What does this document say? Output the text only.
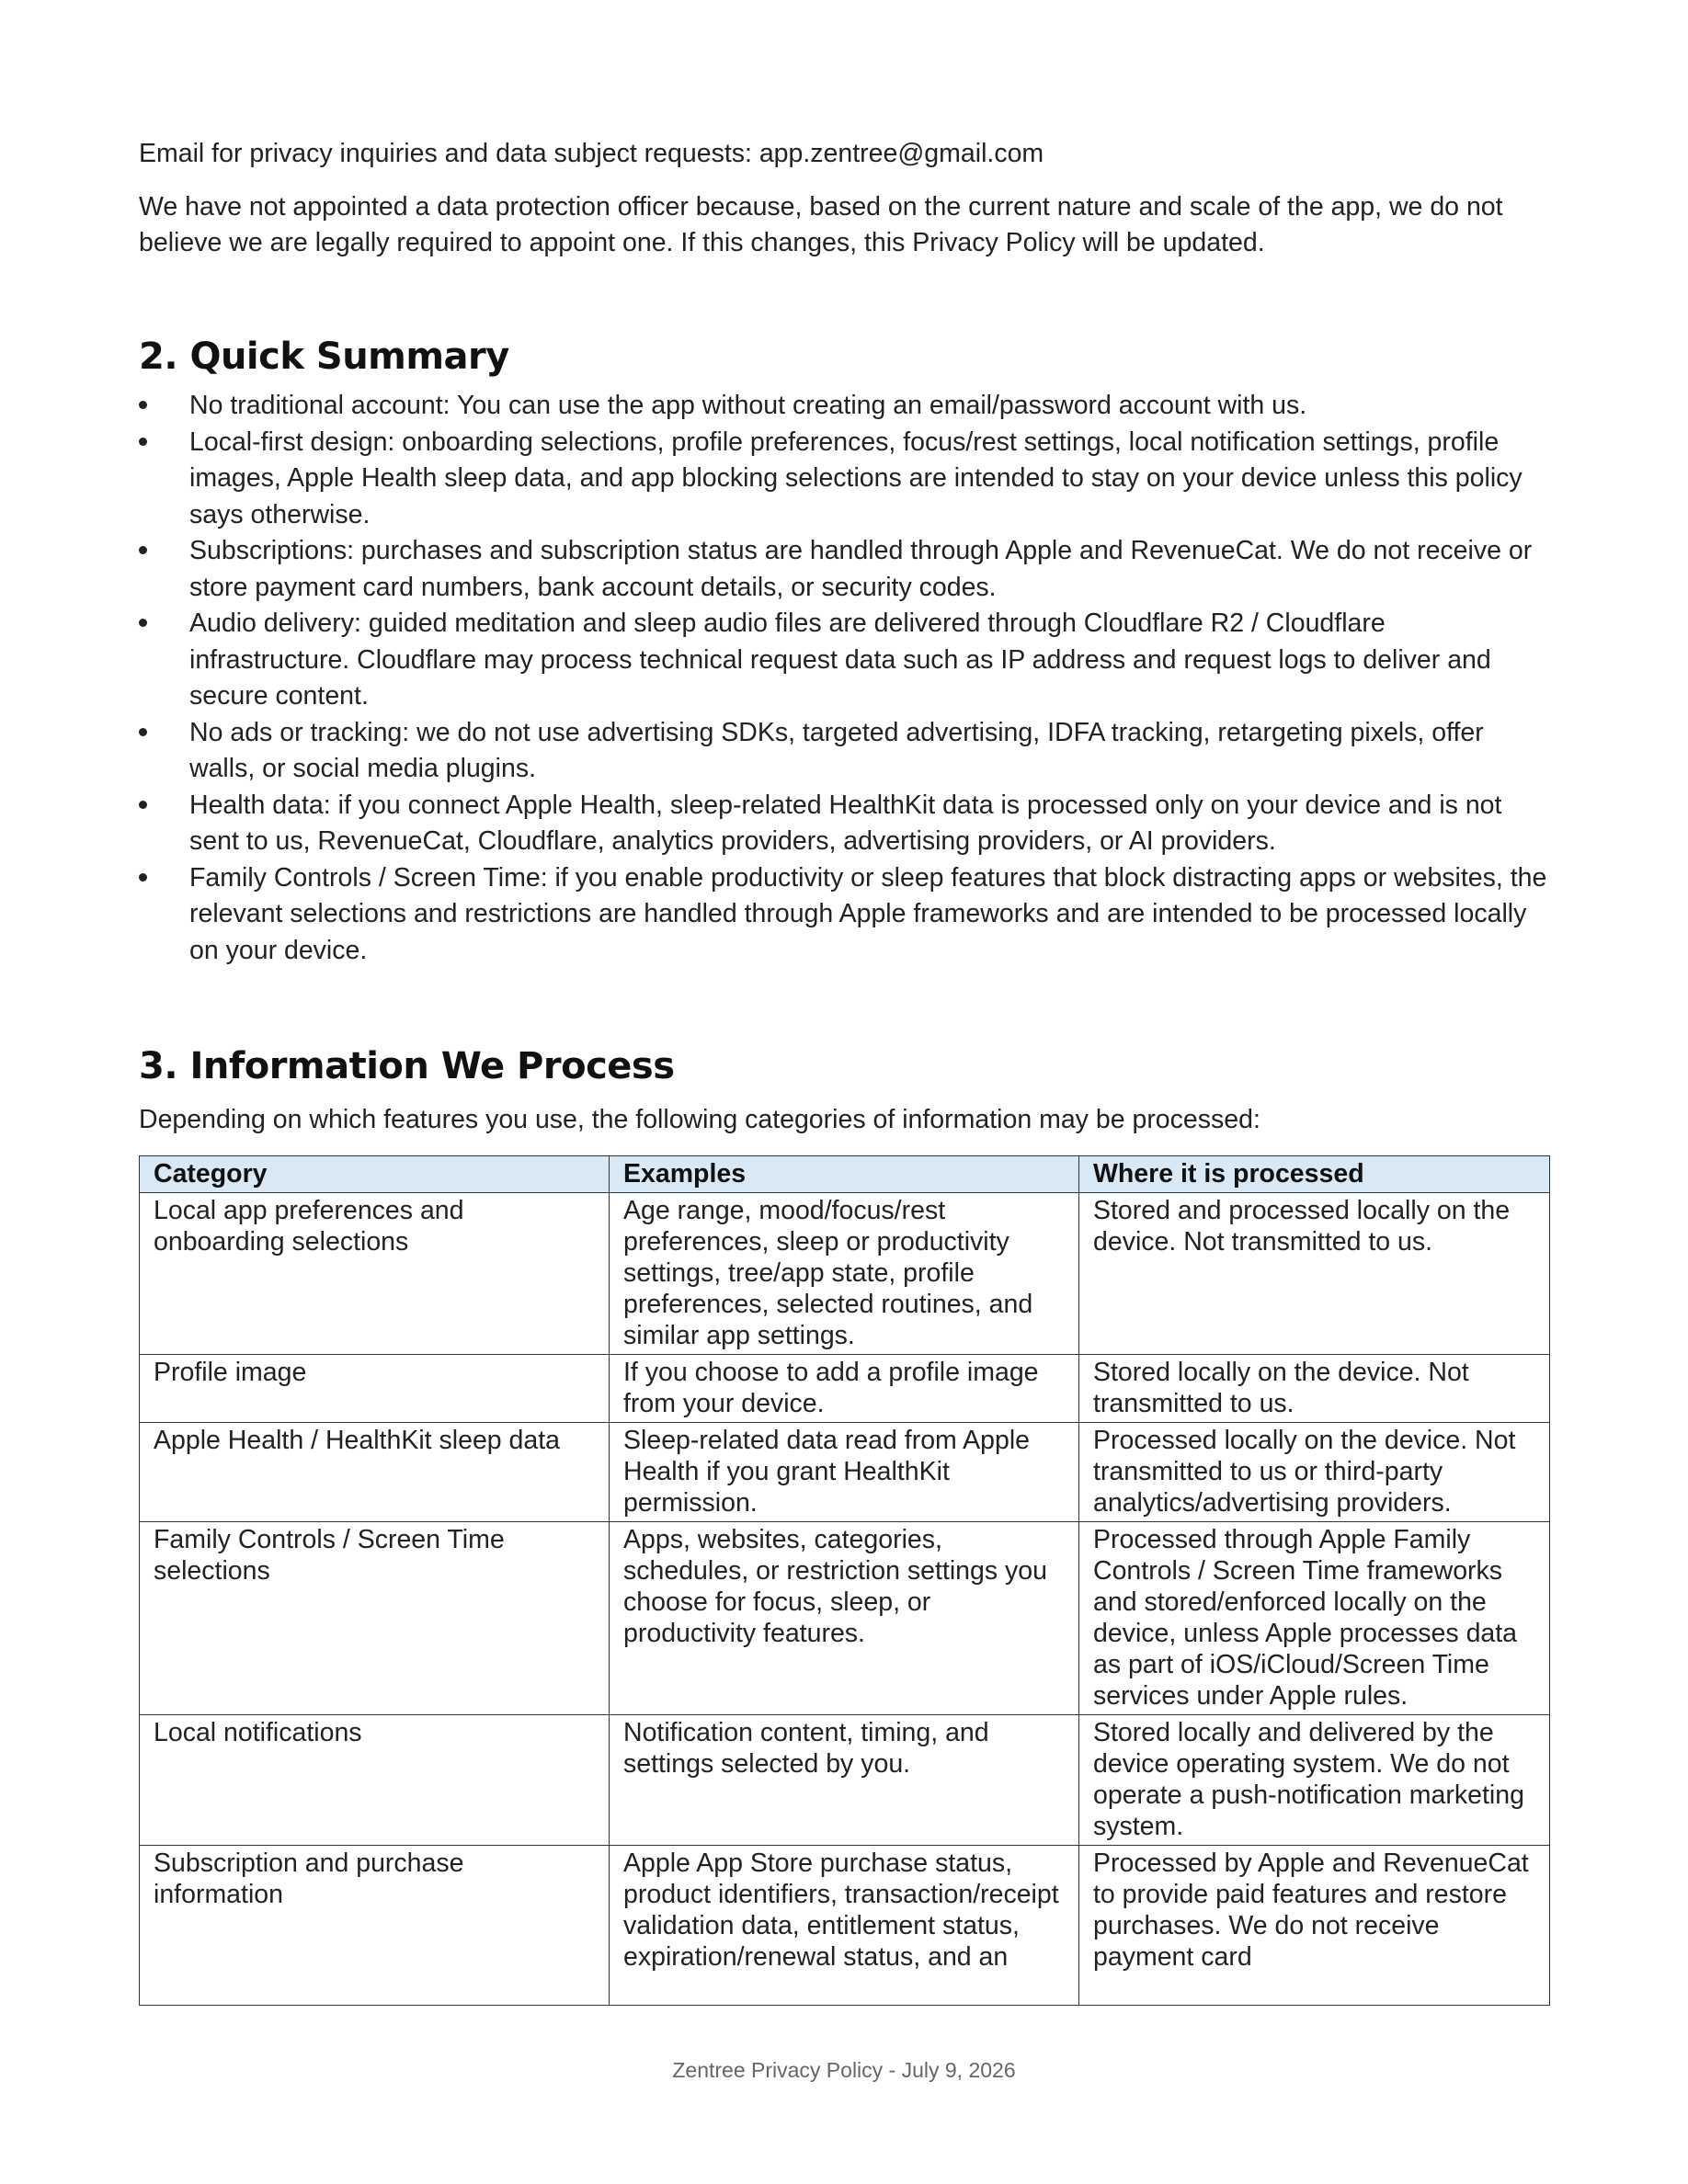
Email for privacy inquiries and data subject requests: app.zentree@gmail.com

We have not appointed a data protection officer because, based on the current nature and scale of the app, we do not believe we are legally required to appoint one. If this changes, this Privacy Policy will be updated.

2. Quick Summary
No traditional account: You can use the app without creating an email/password account with us.
Local-first design: onboarding selections, profile preferences, focus/rest settings, local notification settings, profile images, Apple Health sleep data, and app blocking selections are intended to stay on your device unless this policy says otherwise.
Subscriptions: purchases and subscription status are handled through Apple and RevenueCat. We do not receive or store payment card numbers, bank account details, or security codes.
Audio delivery: guided meditation and sleep audio files are delivered through Cloudflare R2 / Cloudflare infrastructure. Cloudflare may process technical request data such as IP address and request logs to deliver and secure content.
No ads or tracking: we do not use advertising SDKs, targeted advertising, IDFA tracking, retargeting pixels, offer walls, or social media plugins.
Health data: if you connect Apple Health, sleep-related HealthKit data is processed only on your device and is not sent to us, RevenueCat, Cloudflare, analytics providers, advertising providers, or AI providers.
Family Controls / Screen Time: if you enable productivity or sleep features that block distracting apps or websites, the relevant selections and restrictions are handled through Apple frameworks and are intended to be processed locally on your device.
3. Information We Process

Depending on which features you use, the following categories of information may be processed:

Category	Examples	Where it is processed
Local app preferences and onboarding selections	Age range, mood/focus/rest preferences, sleep or productivity settings, tree/app state, profile preferences, selected routines, and similar app settings.	Stored and processed locally on the device. Not transmitted to us.
Profile image	If you choose to add a profile image from your device.	Stored locally on the device. Not transmitted to us.
Apple Health / HealthKit sleep data	Sleep-related data read from Apple Health if you grant HealthKit permission.	Processed locally on the device. Not transmitted to us or third-party analytics/advertising providers.
Family Controls / Screen Time selections	Apps, websites, categories, schedules, or restriction settings you choose for focus, sleep, or productivity features.	Processed through Apple Family Controls / Screen Time frameworks and stored/enforced locally on the device, unless Apple processes data as part of iOS/iCloud/Screen Time services under Apple rules.
Local notifications	Notification content, timing, and settings selected by you.	Stored locally and delivered by the device operating system. We do not operate a push-notification marketing system.

Subscription and purchase information	Apple App Store purchase status, product identifiers, transaction/receipt validation data, entitlement status, expiration/renewal status, and an	Processed by Apple and RevenueCat to provide paid features and restore purchases. We do not receive payment card
Zentree Privacy Policy - July 9, 2026
